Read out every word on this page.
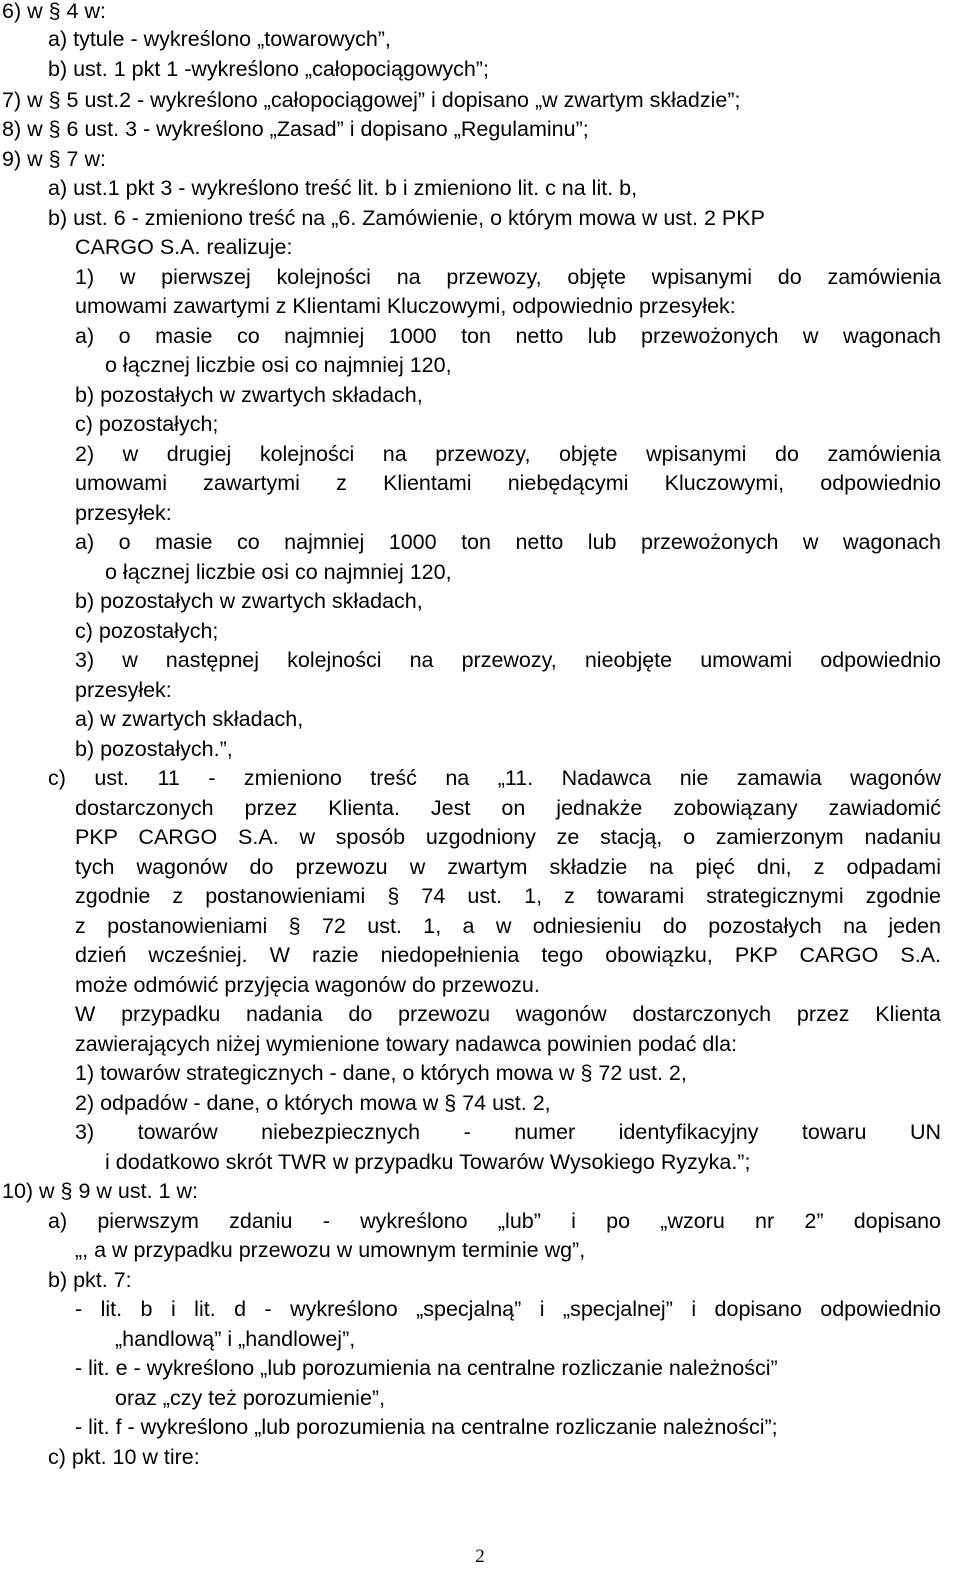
6) w § 4 w:
a) tytule - wykreślono „towarowych”,
b) ust. 1 pkt 1 -wykreślono „całopociągowych”;
7) w § 5 ust.2 - wykreślono „całopociągowej” i dopisano „w zwartym składzie”;
8) w § 6 ust. 3 - wykreślono „Zasad” i dopisano „Regulaminu”;
9) w § 7 w:
a) ust.1 pkt 3 - wykreślono treść lit. b i zmieniono lit. c na lit. b,
b) ust. 6 - zmieniono treść na „6. Zamówienie, o którym mowa w ust. 2 PKP
CARGO S.A. realizuje:
1) w pierwszej kolejności na przewozy, objęte wpisanymi do zamówienia
umowami zawartymi z Klientami Kluczowymi, odpowiednio przesyłek:
a) o masie co najmniej 1000 ton netto lub przewożonych w wagonach
o łącznej liczbie osi co najmniej 120,
b) pozostałych w zwartych składach,
c) pozostałych;
2) w drugiej kolejności na przewozy, objęte wpisanymi do zamówienia
umowami zawartymi z Klientami niebędącymi Kluczowymi, odpowiednio
przesyłek:
a) o masie co najmniej 1000 ton netto lub przewożonych w wagonach
o łącznej liczbie osi co najmniej 120,
b) pozostałych w zwartych składach,
c) pozostałych;
3) w następnej kolejności na przewozy, nieobjęte umowami odpowiednio
przesyłek:
a) w zwartych składach,
b) pozostałych.”,
c) ust. 11 - zmieniono treść na „11. Nadawca nie zamawia wagonów
dostarczonych przez Klienta. Jest on jednakże zobowiązany zawiadomić
PKP CARGO S.A. w sposób uzgodniony ze stacją, o zamierzonym nadaniu
tych wagonów do przewozu w zwartym składzie na pięć dni, z odpadami
zgodnie z postanowieniami § 74 ust. 1, z towarami strategicznymi zgodnie
z postanowieniami § 72 ust. 1, a w odniesieniu do pozostałych na jeden
dzień wcześniej. W razie niedopełnienia tego obowiązku, PKP CARGO S.A.
może odmówić przyjęcia wagonów do przewozu.
W przypadku nadania do przewozu wagonów dostarczonych przez Klienta
zawierających niżej wymienione towary nadawca powinien podać dla:
1) towarów strategicznych - dane, o których mowa w § 72 ust. 2,
2) odpadów - dane, o których mowa w § 74 ust. 2,
3) towarów niebezpiecznych - numer identyfikacyjny towaru UN
i dodatkowo skrót TWR w przypadku Towarów Wysokiego Ryzyka.”;
10) w § 9 w ust. 1 w:
a) pierwszym zdaniu - wykreślono „lub” i po „wzoru nr 2” dopisano
„, a w przypadku przewozu w umownym terminie wg”,
b) pkt. 7:
- lit. b i lit. d - wykreślono „specjalną” i „specjalnej” i dopisano odpowiednio
„handlową” i „handlowej”,
- lit. e - wykreślono „lub porozumienia na centralne rozliczanie należności”
oraz „czy też porozumienie”,
- lit. f - wykreślono „lub porozumienia na centralne rozliczanie należności”;
c) pkt. 10 w tire:
2
